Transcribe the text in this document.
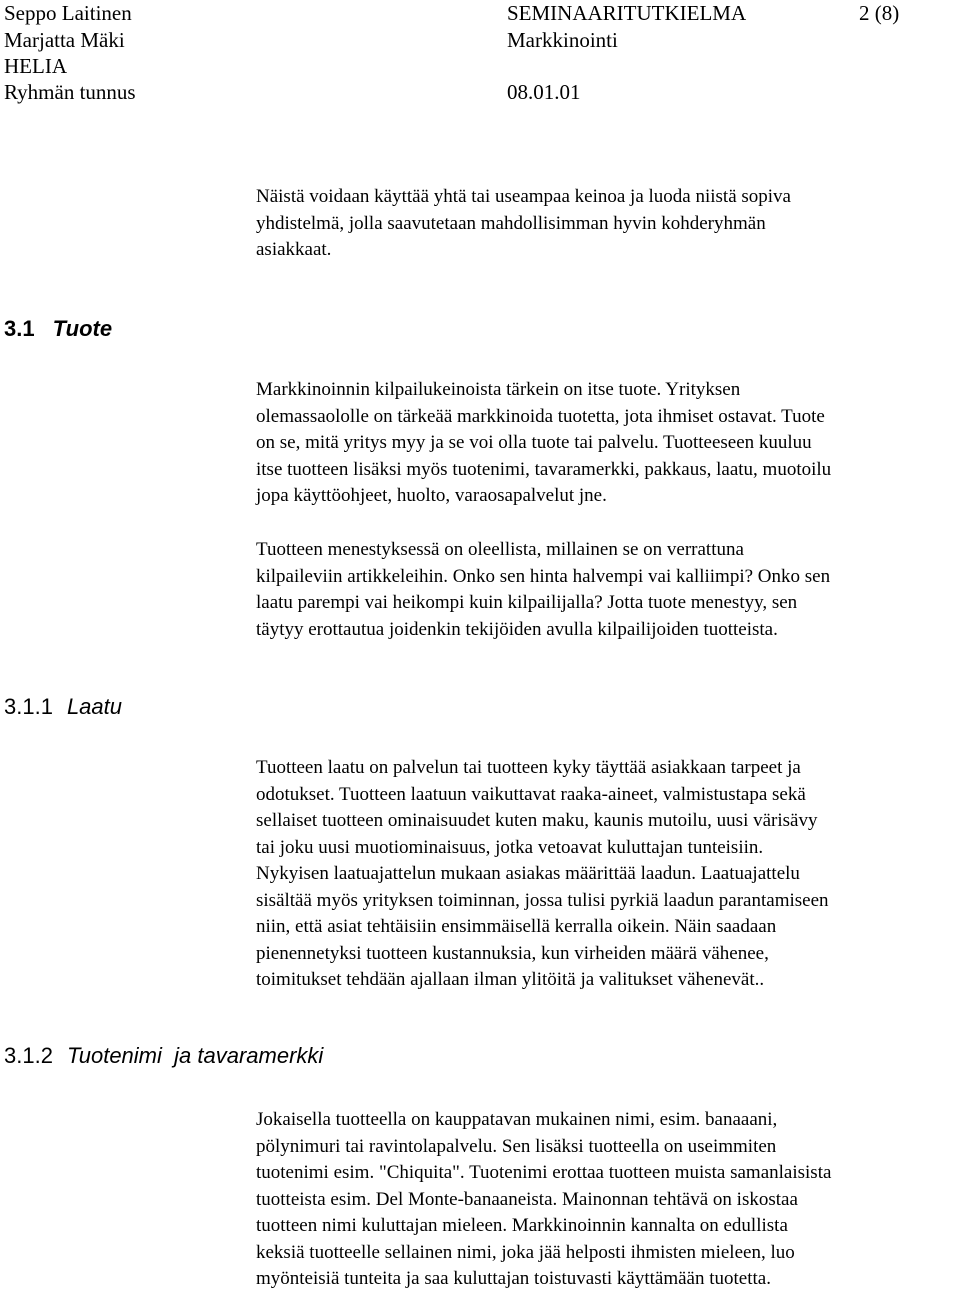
Seppo Laitinen
Marjatta Mäki
HELIA
Ryhmän tunnus
SEMINAARITUTKIELMA
Markkinointi
08.01.01
2 (8)
Näistä voidaan käyttää yhtä tai useampaa keinoa ja luoda niistä sopiva
yhdistelmä, jolla saavutetaan mahdollisimman hyvin kohderyhmän
asiakkaat.
3.1 Tuote
Markkinoinnin kilpailukeinoista tärkein on itse tuote. Yrityksen
olemassaololle on tärkeää markkinoida tuotetta, jota ihmiset ostavat. Tuote
on se, mitä yritys myy ja se voi olla tuote tai palvelu. Tuotteeseen kuuluu
itse tuotteen lisäksi myös tuotenimi, tavaramerkki, pakkaus, laatu, muotoilu
jopa käyttöohjeet, huolto, varaosapalvelut jne.
Tuotteen menestyksessä on oleellista, millainen se on verrattuna
kilpaileviin artikkeleihin. Onko sen hinta halvempi vai kalliimpi? Onko sen
laatu parempi vai heikompi kuin kilpailijalla? Jotta tuote menestyy, sen
täytyy erottautua joidenkin tekijöiden avulla kilpailijoiden tuotteista.
3.1.1 Laatu
Tuotteen laatu on palvelun tai tuotteen kyky täyttää asiakkaan tarpeet ja
odotukset. Tuotteen laatuun vaikuttavat raaka-aineet, valmistustapa sekä
sellaiset tuotteen ominaisuudet kuten maku, kaunis mutoilu, uusi värisävy
tai joku uusi muotiominaisuus, jotka vetoavat kuluttajan tunteisiin.
Nykyisen laatuajattelun mukaan asiakas määrittää laadun. Laatuajattelu
sisältää myös yrityksen toiminnan, jossa tulisi pyrkiä laadun parantamiseen
niin, että asiat tehtäisiin ensimmäisellä kerralla oikein. Näin saadaan
pienennetyksi tuotteen kustannuksia, kun virheiden määrä vähenee,
toimitukset tehdään ajallaan ilman ylitöitä ja valitukset vähenevät..
3.1.2 Tuotenimi  ja tavaramerkki
Jokaisella tuotteella on kauppatavan mukainen nimi, esim. banaaani,
pölynimuri tai ravintolapalvelu. Sen lisäksi tuotteella on useimmiten
tuotenimi esim. "Chiquita". Tuotenimi erottaa tuotteen muista samanlaisista
tuotteista esim. Del Monte-banaaneista. Mainonnan tehtävä on iskostaa
tuotteen nimi kuluttajan mieleen. Markkinoinnin kannalta on edullista
keksiä tuotteelle sellainen nimi, joka jää helposti ihmisten mieleen, luo
myönteisiä tunteita ja saa kuluttajan toistuvasti käyttämään tuotetta.
